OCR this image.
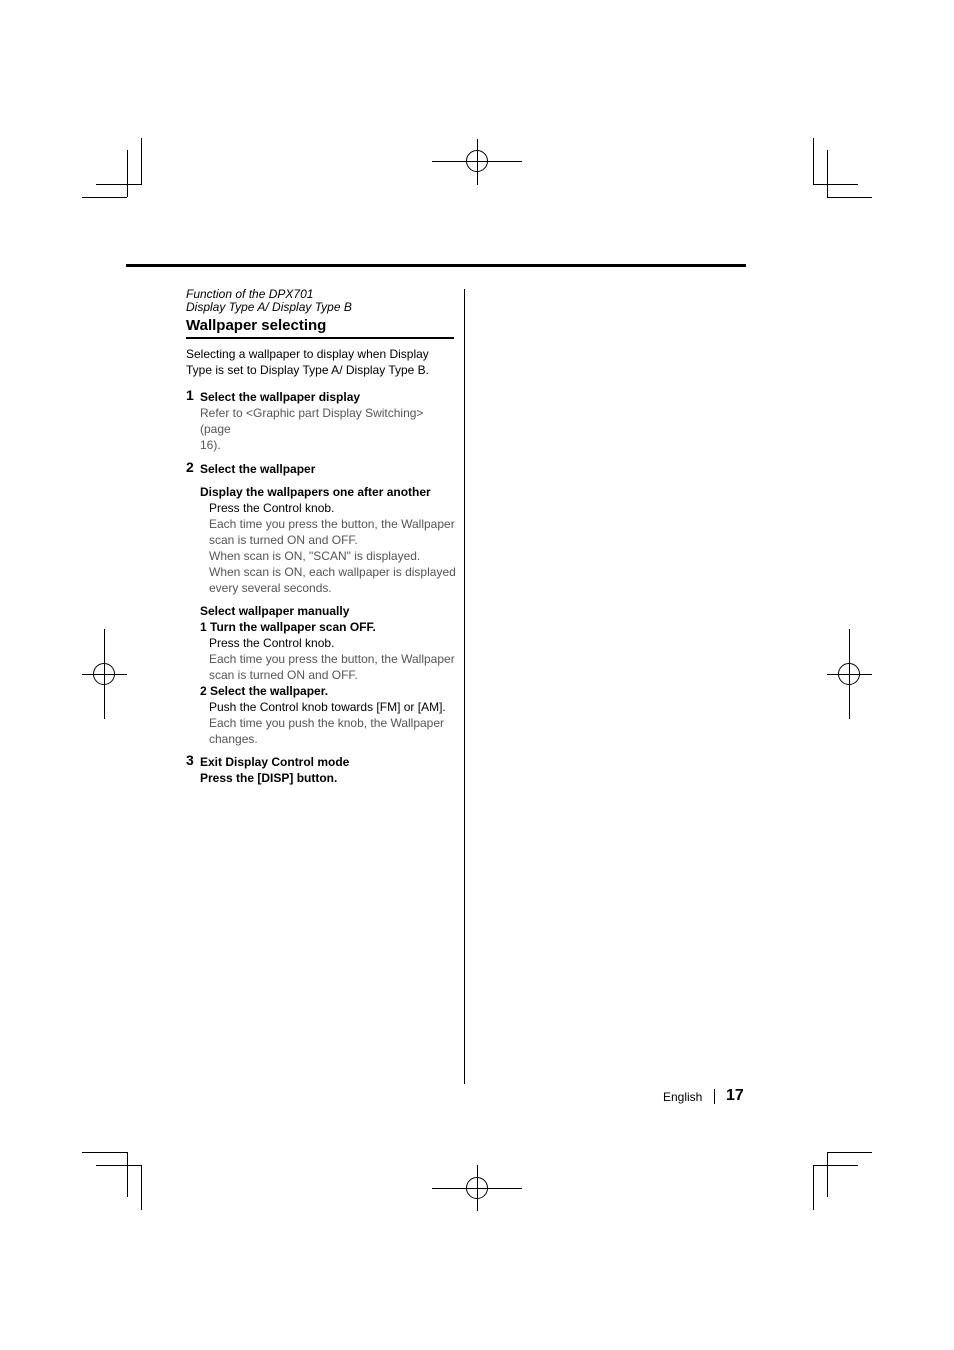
Function of the DPX701
Display Type A/ Display Type B
Wallpaper selecting
Selecting a wallpaper to display when Display
Type is set to Display Type A/ Display Type B.
1 Select the wallpaper display
Refer to <Graphic part Display Switching> (page
16).
2 Select the wallpaper
Display the wallpapers one after another
Press the Control knob.
Each time you press the button, the Wallpaper
scan is turned ON and OFF.
When scan is ON, "SCAN" is displayed.
When scan is ON, each wallpaper is displayed
every several seconds.
Select wallpaper manually
1 Turn the wallpaper scan OFF.
Press the Control knob.
Each time you press the button, the Wallpaper
scan is turned ON and OFF.
2 Select the wallpaper.
Push the Control knob towards [FM] or [AM].
Each time you push the knob, the Wallpaper
changes.
3 Exit Display Control mode
Press the [DISP] button.
English 17
